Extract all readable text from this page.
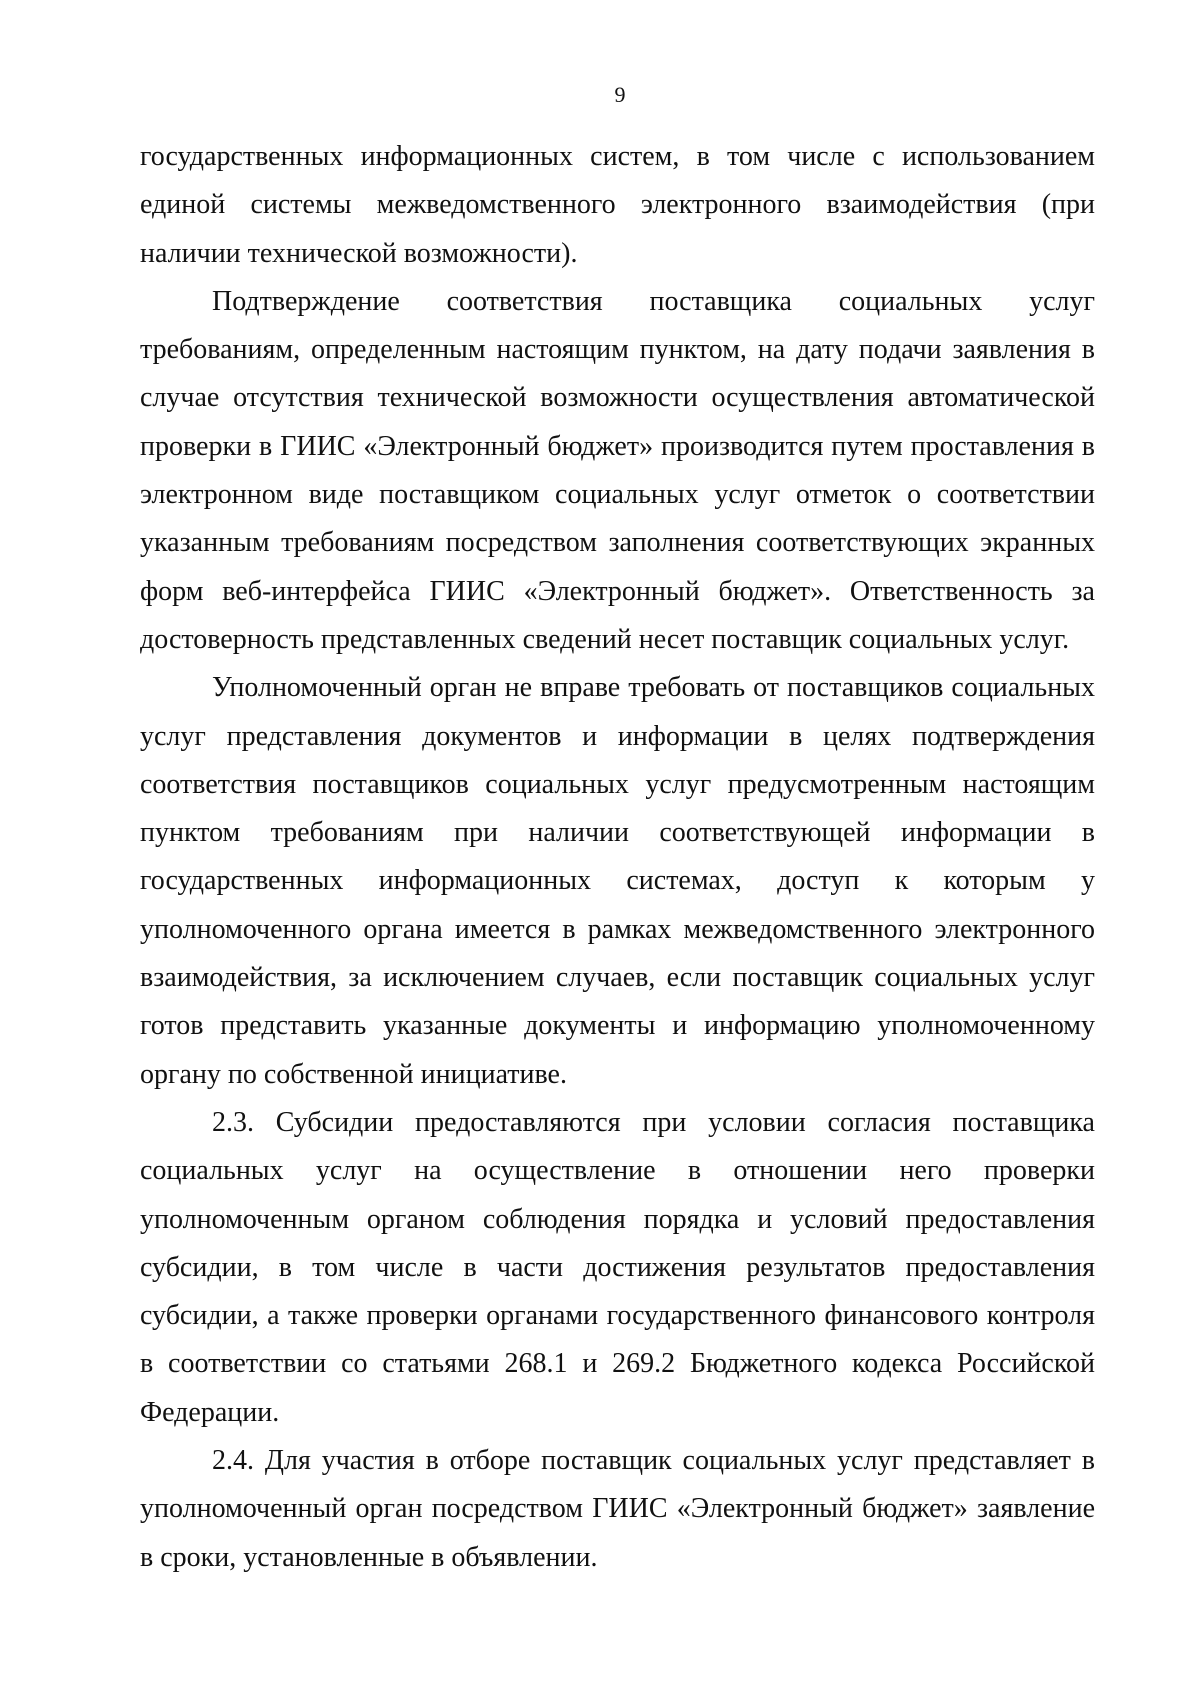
9

государственных информационных систем, в том числе с использованием единой системы межведомственного электронного взаимодействия (при наличии технической возможности).

Подтверждение соответствия поставщика социальных услуг требованиям, определенным настоящим пунктом, на дату подачи заявления в случае отсутствия технической возможности осуществления автоматической проверки в ГИИС «Электронный бюджет» производится путем проставления в электронном виде поставщиком социальных услуг отметок о соответствии указанным требованиям посредством заполнения соответствующих экранных форм веб-интерфейса ГИИС «Электронный бюджет». Ответственность за достоверность представленных сведений несет поставщик социальных услуг.

Уполномоченный орган не вправе требовать от поставщиков социальных услуг представления документов и информации в целях подтверждения соответствия поставщиков социальных услуг предусмотренным настоящим пунктом требованиям при наличии соответствующей информации в государственных информационных системах, доступ к которым у уполномоченного органа имеется в рамках межведомственного электронного взаимодействия, за исключением случаев, если поставщик социальных услуг готов представить указанные документы и информацию уполномоченному органу по собственной инициативе.

2.3. Субсидии предоставляются при условии согласия поставщика социальных услуг на осуществление в отношении него проверки уполномоченным органом соблюдения порядка и условий предоставления субсидии, в том числе в части достижения результатов предоставления субсидии, а также проверки органами государственного финансового контроля в соответствии со статьями 268.1 и 269.2 Бюджетного кодекса Российской Федерации.

2.4. Для участия в отборе поставщик социальных услуг представляет в уполномоченный орган посредством ГИИС «Электронный бюджет» заявление в сроки, установленные в объявлении.
